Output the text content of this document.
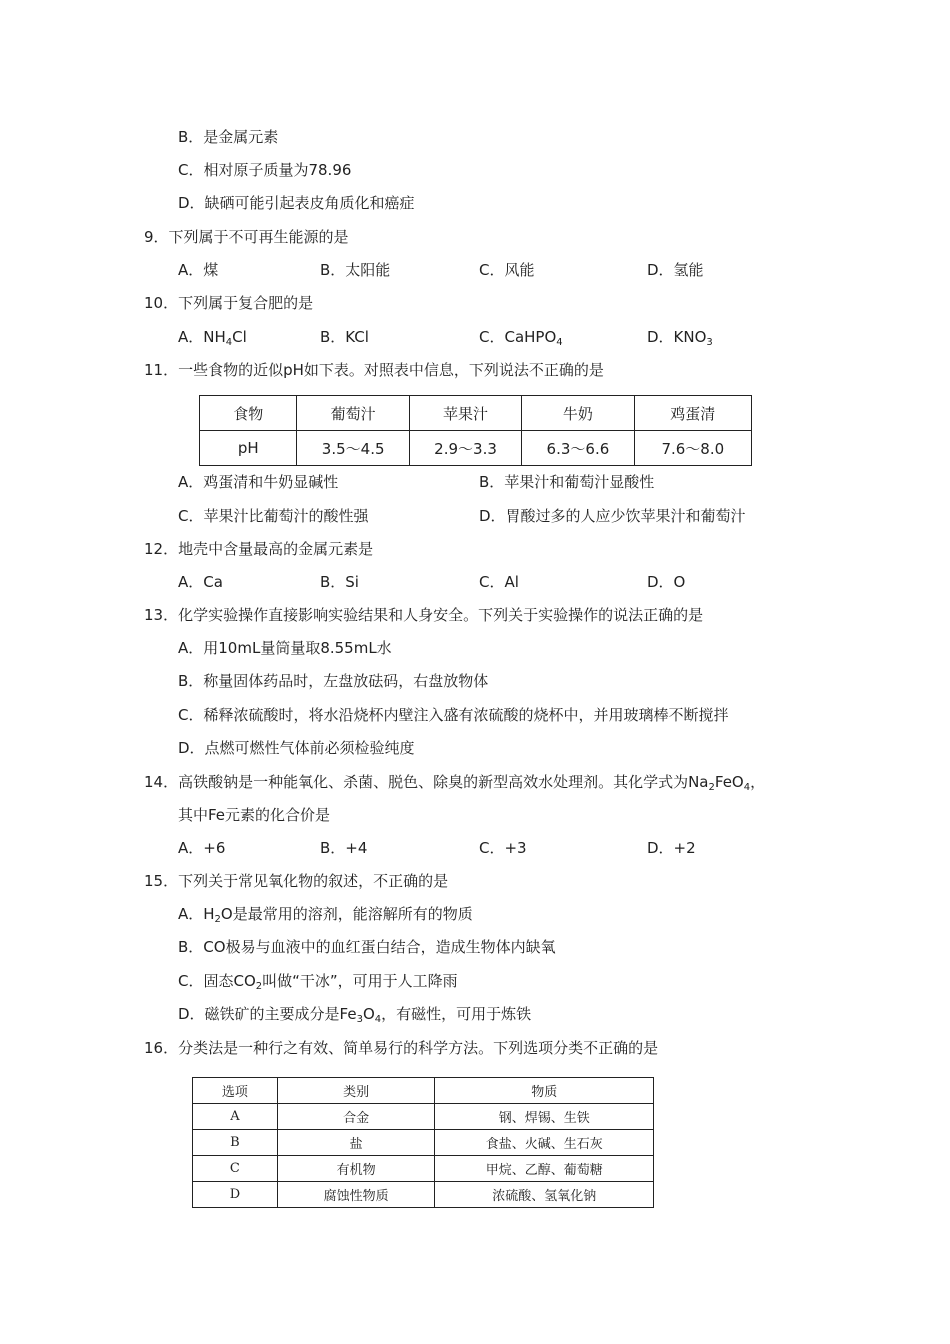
B．是金属元素
C．相对原子质量为78.96
D．缺硒可能引起表皮角质化和癌症
9．下列属于不可再生能源的是
A．煤	B．太阳能	C．风能	D．氢能
10．下列属于复合肥的是
A．$NH_4Cl$	B．KCl	C．CaHPO$_4$	D．$KNO_3$
11．一些食物的近似pH如下表。对照表中信息，下列说法不正确的是
食物	葡萄汁	苹果汁	牛奶	鸡蛋清
pH	3.5～4.5	2.9～3.3	6.3～6.6	7.6～8.0
A．鸡蛋清和牛奶显碱性	B．苹果汁和葡萄汁显酸性
C．苹果汁比葡萄汁的酸性强	D．胃酸过多的人应少饮苹果汁和葡萄汁
12．地壳中含量最高的金属元素是
A．Ca	B．Si	C．Al	D．O
13．化学实验操作直接影响实验结果和人身安全。下列关于实验操作的说法正确的是
A．用10mL量筒量取8.55mL水
B．称量固体药品时，左盘放砝码，右盘放物体
C．稀释浓硫酸时，将水沿烧杯内壁注入盛有浓硫酸的烧杯中，并用玻璃棒不断搅拌
D．点燃可燃性气体前必须检验纯度
14．高铁酸钠是一种能氧化、杀菌、脱色、除臭的新型高效水处理剂。其化学式为$Na_2FeO_4$，
其中Fe元素的化合价是
A．+6	B．+4	C．+3	D．+2
15．下列关于常见氧化物的叙述，不正确的是
A．$H_2O$是最常用的溶剂，能溶解所有的物质
B．CO极易与血液中的血红蛋白结合，造成生物体内缺氧
C．固态$CO_2$叫做“干冰”，可用于人工降雨
D．磁铁矿的主要成分是$Fe_3O_4$，有磁性，可用于炼铁
16．分类法是一种行之有效、简单易行的科学方法。下列选项分类不正确的是
选项	类别	物质
A	合金	钢、焊锡、生铁
B	盐	食盐、火碱、生石灰
C	有机物	甲烷、乙醇、葡萄糖
D	腐蚀性物质	浓硫酸、氢氧化钠
